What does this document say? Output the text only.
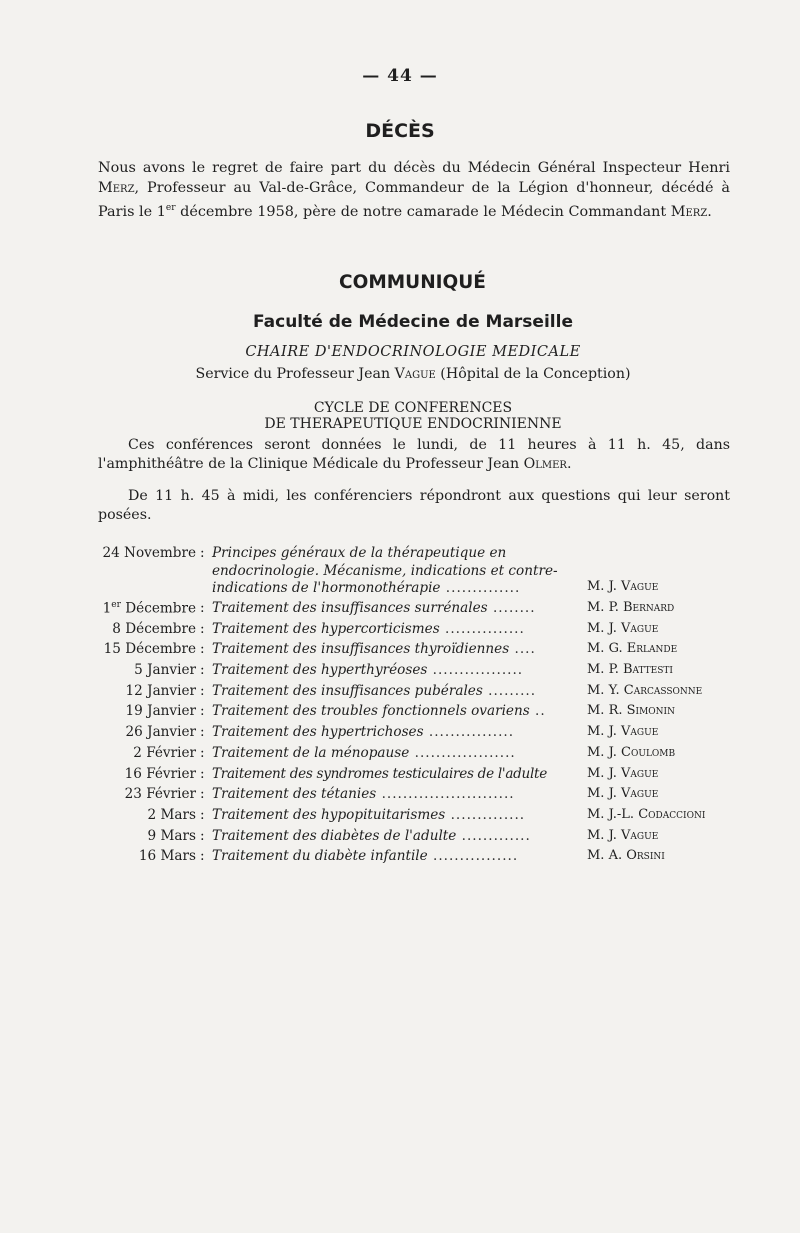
— 44 —
DÉCÈS

Nous avons le regret de faire part du décès du Médecin Général Inspecteur Henri Merz, Professeur au Val-de-Grâce, Commandeur de la Légion d'honneur, décédé à Paris le 1er décembre 1958, père de notre camarade le Médecin Commandant Merz.

COMMUNIQUÉ
Faculté de Médecine de Marseille
CHAIRE D'ENDOCRINOLOGIE MEDICALE
Service du Professeur Jean Vague (Hôpital de la Conception)
CYCLE DE CONFERENCES
DE THERAPEUTIQUE ENDOCRINIENNE

Ces conférences seront données le lundi, de 11 heures à 11 h. 45, dans l'amphithéâtre de la Clinique Médicale du Professeur Jean Olmer.

De 11 h. 45 à midi, les conférenciers répondront aux questions qui leur seront posées.

24 Novembre : Principes généraux de la thérapeutique en endocrinologie. Mécanisme, indications et contre-indications de l'hormonothérapie ..............	M. J. Vague
1er Décembre : Traitement des insuffisances surrénales ........	M. P. Bernard
8 Décembre : Traitement des hypercorticismes ...............	M. J. Vague
15 Décembre : Traitement des insuffisances thyroïdiennes ....	M. G. Erlande
5 Janvier : Traitement des hyperthyréoses .................	M. P. Battesti
12 Janvier : Traitement des insuffisances pubérales .........	M. Y. Carcassonne
19 Janvier : Traitement des troubles fonctionnels ovariens ..	M. R. Simonin
26 Janvier : Traitement des hypertrichoses ................	M. J. Vague
2 Février : Traitement de la ménopause ...................	M. J. Coulomb
16 Février : Traitement des syndromes testiculaires de l'adulte	M. J. Vague
23 Février : Traitement des tétanies .........................	M. J. Vague
2 Mars : Traitement des hypopituitarismes ..............	M. J.-L. Codaccioni
9 Mars : Traitement des diabètes de l'adulte .............	M. J. Vague
16 Mars : Traitement du diabète infantile ................	M. A. Orsini
